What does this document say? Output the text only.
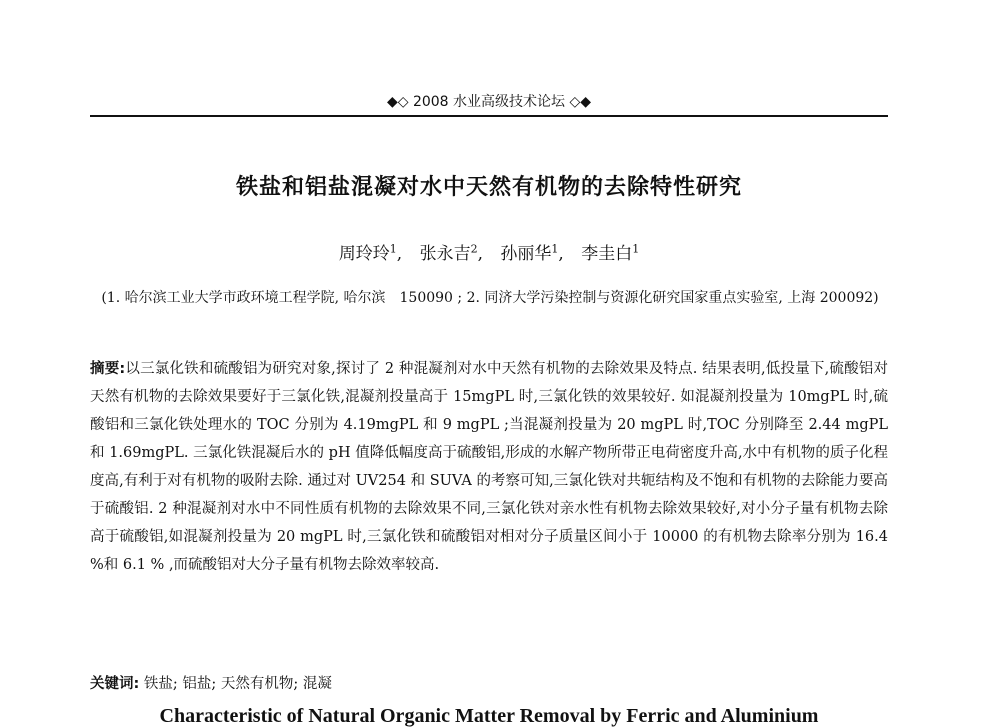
◆◇ 2008 水业高级技术论坛 ◇◆
铁盐和铝盐混凝对水中天然有机物的去除特性研究
周玲玲$^1$, 张永吉$^2$, 孙丽华$^1$, 李圭白$^1$
(1. 哈尔滨工业大学市政环境工程学院, 哈尔滨　150090 ; 2. 同济大学污染控制与资源化研究国家重点实验室, 上海 200092)
摘要:以三氯化铁和硫酸铝为研究对象,探讨了 2 种混凝剂对水中天然有机物的去除效果及特点. 结果表明,低投量下,硫酸铝对天然有机物的去除效果要好于三氯化铁,混凝剂投量高于 15mgPL 时,三氯化铁的效果较好. 如混凝剂投量为 10mgPL 时,硫酸铝和三氯化铁处理水的 TOC 分别为 4.19mgPL 和 9 mgPL ;当混凝剂投量为 20 mgPL 时,TOC 分别降至 2.44 mgPL 和 1.69mgPL. 三氯化铁混凝后水的 pH 值降低幅度高于硫酸铝,形成的水解产物所带正电荷密度升高,水中有机物的质子化程度高,有利于对有机物的吸附去除. 通过对 UV254 和 SUVA 的考察可知,三氯化铁对共轭结构及不饱和有机物的去除能力要高于硫酸铝. 2 种混凝剂对水中不同性质有机物的去除效果不同,三氯化铁对亲水性有机物去除效果较好,对小分子量有机物去除高于硫酸铝,如混凝剂投量为 20 mgPL 时,三氯化铁和硫酸铝对相对分子质量区间小于 10000 的有机物去除率分别为 16.4 %和 6.1 % ,而硫酸铝对大分子量有机物去除效率较高.
关键词: 铁盐; 铝盐; 天然有机物; 混凝
Characteristic of Natural Organic Matter Removal by Ferric and Aluminium
